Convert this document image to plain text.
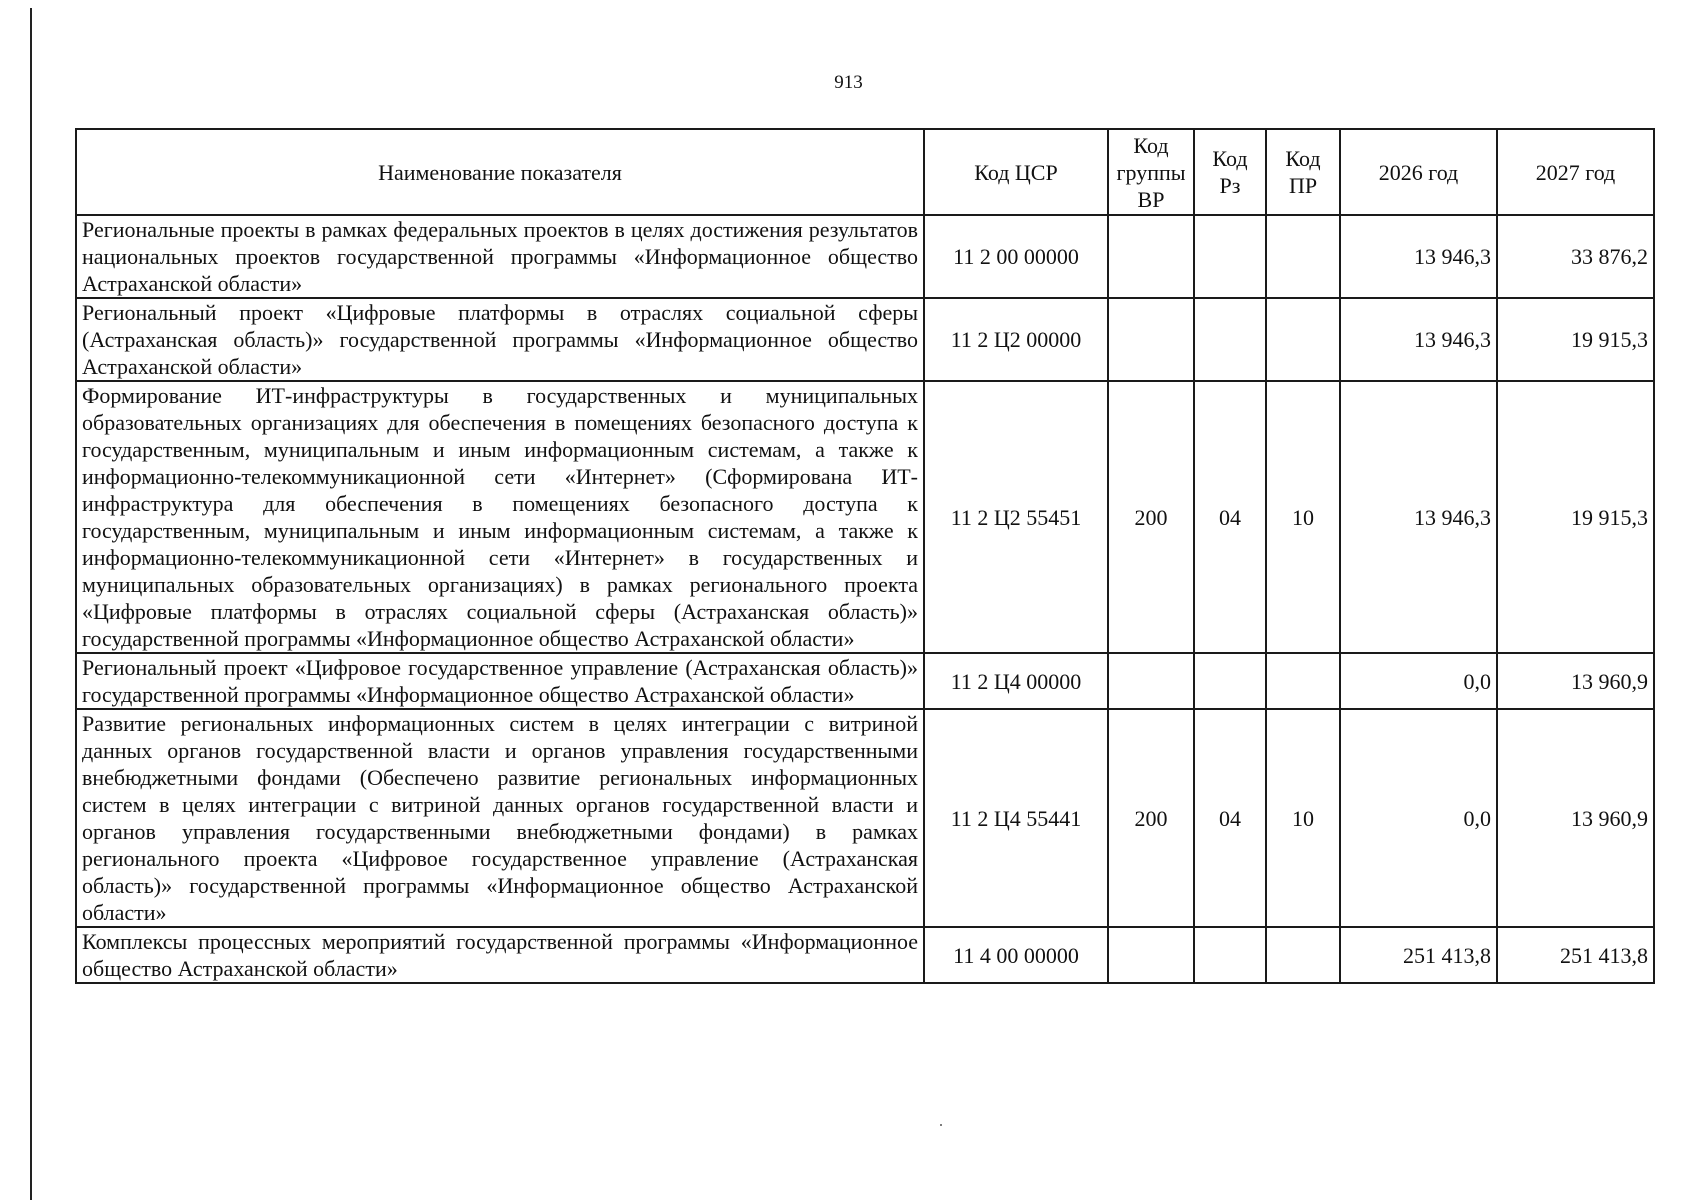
913
Наименование показателя	Код ЦСР	Код группы ВР	Код Рз	Код ПР	2026 год	2027 год
Региональные проекты в рамках федеральных проектов в целях достижения результатов национальных проектов государственной программы «Информационное общество Астраханской области»	11 2 00 00000				13 946,3	33 876,2
Региональный проект «Цифровые платформы в отраслях социальной сферы (Астраханская область)» государственной программы «Информационное общество Астраханской области»	11 2 Ц2 00000				13 946,3	19 915,3
Формирование ИТ-инфраструктуры в государственных и муниципальных образовательных организациях для обеспечения в помещениях безопасного доступа к государственным, муниципальным и иным информационным системам, а также к информационно-телекоммуникационной сети «Интернет» (Сформирована ИТ-инфраструктура для обеспечения в помещениях безопасного доступа к государственным, муниципальным и иным информационным системам, а также к информационно-телекоммуникационной сети «Интернет» в государственных и муниципальных образовательных организациях) в рамках регионального проекта «Цифровые платформы в отраслях социальной сферы (Астраханская область)» государственной программы «Информационное общество Астраханской области»	11 2 Ц2 55451	200	04	10	13 946,3	19 915,3
Региональный проект «Цифровое государственное управление (Астраханская область)» государственной программы «Информационное общество Астраханской области»	11 2 Ц4 00000				0,0	13 960,9
Развитие региональных информационных систем в целях интеграции с витриной данных органов государственной власти и органов управления государственными внебюджетными фондами (Обеспечено развитие региональных информационных систем в целях интеграции с витриной данных органов государственной власти и органов управления государственными внебюджетными фондами) в рамках регионального проекта «Цифровое государственное управление (Астраханская область)» государственной программы «Информационное общество Астраханской области»	11 2 Ц4 55441	200	04	10	0,0	13 960,9
Комплексы процессных мероприятий государственной программы «Информационное общество Астраханской области»	11 4 00 00000				251 413,8	251 413,8
